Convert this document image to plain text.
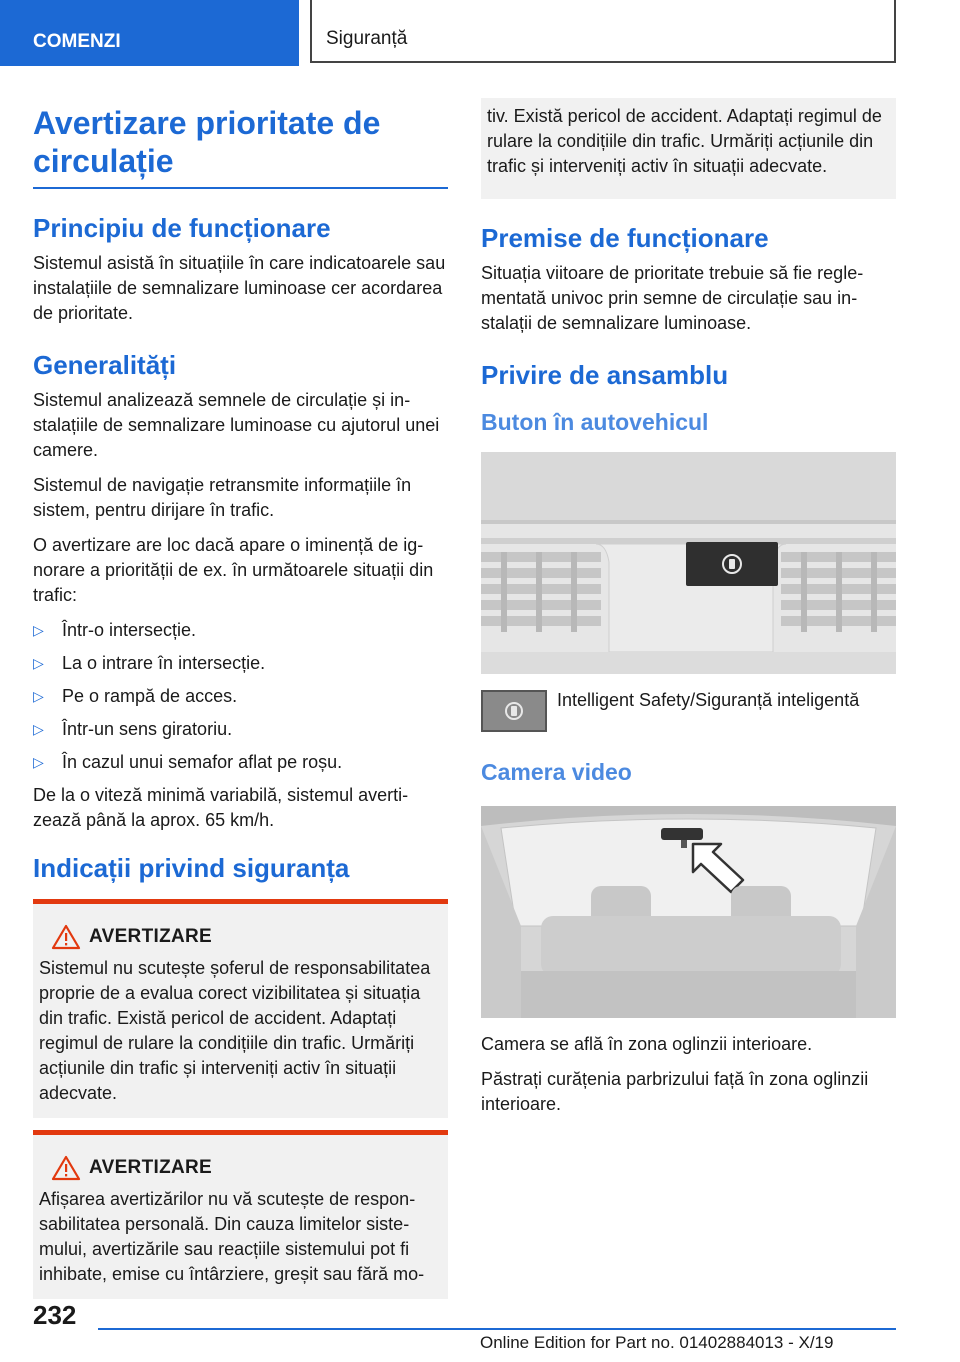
COMENZI	Siguranță
Avertizare prioritate de circulație
Principiu de funcționare

Sistemul asistă în situațiile în care indicatoarele sau instalațiile de semnalizare luminoase cer acordarea de prioritate.

Generalități

Sistemul analizează semnele de circulație și instalațiile de semnalizare luminoase cu ajutorul unei camere.

Sistemul de navigație retransmite informațiile în sistem, pentru dirijare în trafic.

O avertizare are loc dacă apare o iminență de ignorare a priorității de ex. în următoarele situații din trafic:

▷	Într-o intersecție.
▷	La o intrare în intersecție.
▷	Pe o rampă de acces.
▷	Într-un sens giratoriu.
▷	În cazul unui semafor aflat pe roșu.

De la o viteză minimă variabilă, sistemul avertizează până la aprox. 65 km/h.

Indicații privind siguranța
AVERTIZARE

Sistemul nu scutește șoferul de responsabilitatea proprie de a evalua corect vizibilitatea și situația din trafic. Există pericol de accident. Adaptați regimul de rulare la condițiile din trafic. Urmăriți acțiunile din trafic și interveniți activ în situații adecvate.

AVERTIZARE

Afișarea avertizărilor nu vă scutește de responsabilitatea personală. Din cauza limitelor sistemului, avertizările sau reacțiile sistemului pot fi inhibate, emise cu întârziere, greșit sau fără mo-

tiv. Există pericol de accident. Adaptați regimul de rulare la condițiile din trafic. Urmăriți acțiunile din trafic și interveniți activ în situații adecvate.

Premise de funcționare

Situația viitoare de prioritate trebuie să fie reglementată univoc prin semne de circulație sau instalații de semnalizare luminoase.

Privire de ansamblu
Buton în autovehicul

Intelligent Safety/Siguranță inteligentă

Camera video

Camera se află în zona oglinzii interioare.

Păstrați curățenia parbrizului față în zona oglinzii interioare.

232
Online Edition for Part no. 01402884013 - X/19
